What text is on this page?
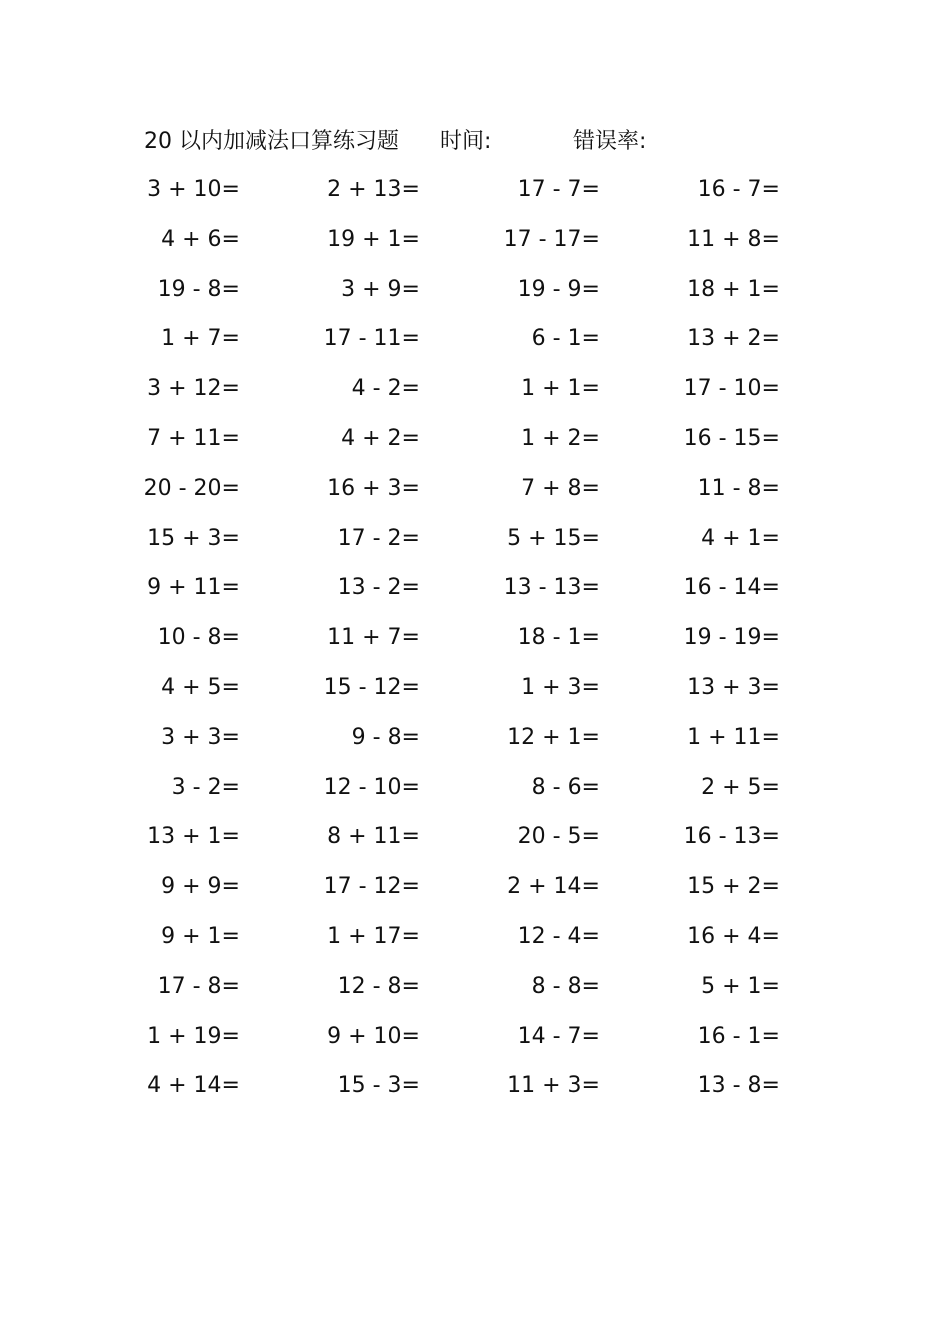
20 以内加减法口算练习题 时间:	错误率:
3 + 10=	2 + 13=	17 - 7=	16 - 7=
4 + 6=	19 + 1=	17 - 17=	11 + 8=
19 - 8=	3 + 9=	19 - 9=	18 + 1=
1 + 7=	17 - 11=	6 - 1=	13 + 2=
3 + 12=	4 - 2=	1 + 1=	17 - 10=
7 + 11=	4 + 2=	1 + 2=	16 - 15=
20 - 20=	16 + 3=	7 + 8=	11 - 8=
15 + 3=	17 - 2=	5 + 15=	4 + 1=
9 + 11=	13 - 2=	13 - 13=	16 - 14=
10 - 8=	11 + 7=	18 - 1=	19 - 19=
4 + 5=	15 - 12=	1 + 3=	13 + 3=
3 + 3=	9 - 8=	12 + 1=	1 + 11=
3 - 2=	12 - 10=	8 - 6=	2 + 5=
13 + 1=	8 + 11=	20 - 5=	16 - 13=
9 + 9=	17 - 12=	2 + 14=	15 + 2=
9 + 1=	1 + 17=	12 - 4=	16 + 4=
17 - 8=	12 - 8=	8 - 8=	5 + 1=
1 + 19=	9 + 10=	14 - 7=	16 - 1=
4 + 14=	15 - 3=	11 + 3=	13 - 8=
